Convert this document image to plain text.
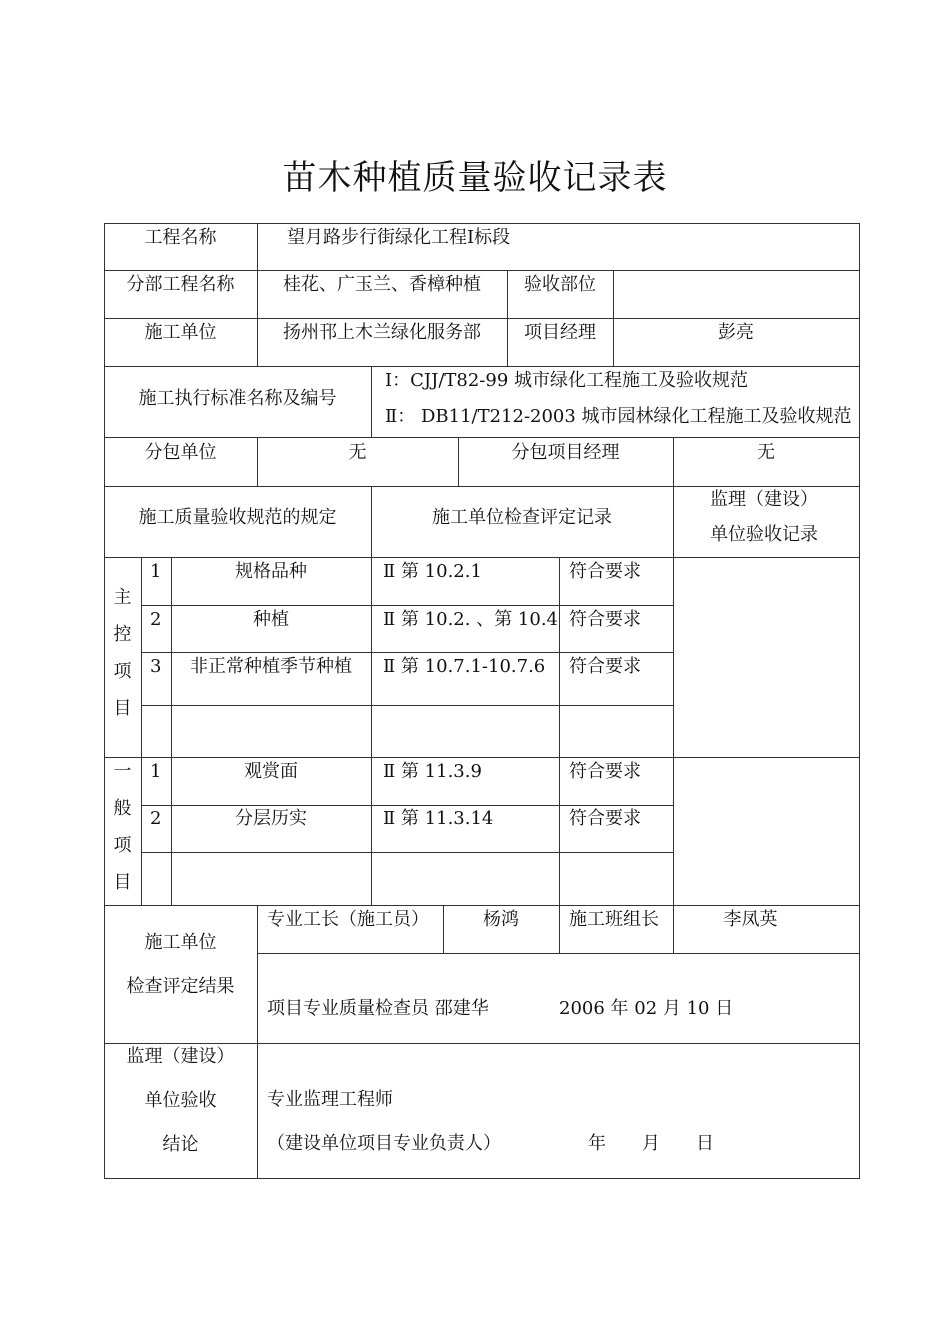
苗木种植质量验收记录表
工程名称	望月路步行街绿化工程Ⅰ标段
分部工程名称	桂花、广玉兰、香樟种植	验收部位
施工单位	扬州邗上木兰绿化服务部	项目经理	彭亮
施工执行标准名称及编号
Ⅰ：CJJ/T82-99 城市绿化工程施工及验收规范
Ⅱ： DB11/T212-2003 城市园林绿化工程施工及验收规范
分包单位	无	分包项目经理	无
施工质量验收规范的规定	施工单位检查评定记录
监理（建设）
单位验收记录
主
控
项
目
1	规格品种	Ⅱ 第 10.2.1	符合要求
2	种植	Ⅱ 第 10.2. 、第 10.4 符合要求
3	非正常种植季节种植	Ⅱ 第 10.7.1-10.7.6 符合要求
一
般
项
目
1	观赏面	Ⅱ 第 11.3.9	符合要求
2	分层历实	Ⅱ 第 11.3.14	符合要求
施工单位
检查评定结果
专业工长（施工员）	杨鸿	施工班组长	李凤英
项目专业质量检查员 邵建华	2006 年 02 月 10 日
监理（建设）
单位验收
结论
专业监理工程师
（建设单位项目专业负责人）	年　　月　　日
